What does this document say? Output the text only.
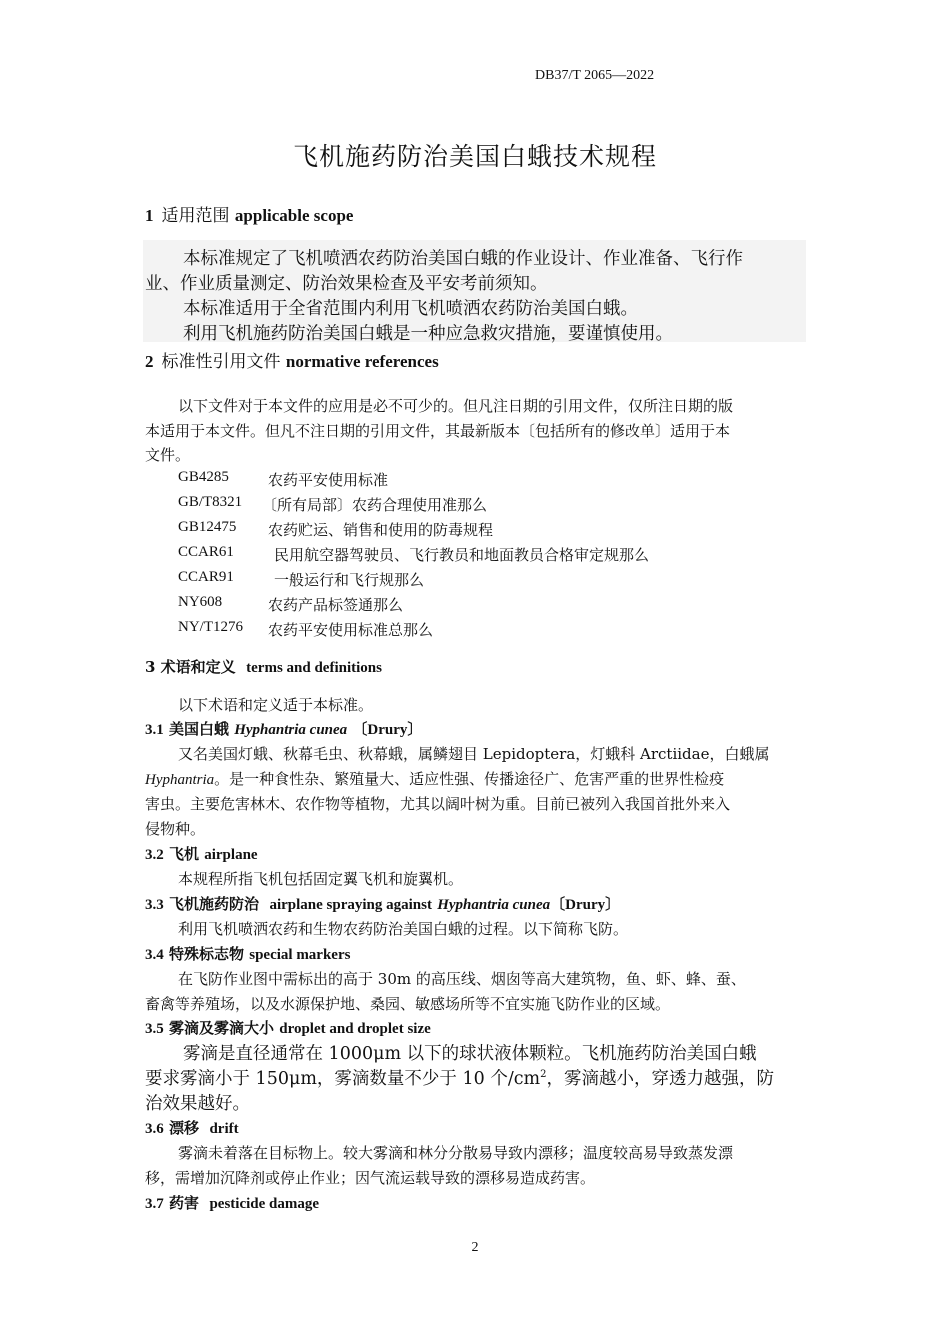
DB37/T 2065—2022
飞机施药防治美国白蛾技术规程
1 适用范围 applicable scope
本标准规定了飞机喷洒农药防治美国白蛾的作业设计、作业准备、飞行作
业、作业质量测定、防治效果检查及平安考前须知。
本标准适用于全省范围内利用飞机喷洒农药防治美国白蛾。
利用飞机施药防治美国白蛾是一种应急救灾措施，要谨慎使用。
2 标准性引用文件 normative references
以下文件对于本文件的应用是必不可少的。但凡注日期的引用文件，仅所注日期的版
本适用于本文件。但凡不注日期的引用文件，其最新版本〔包括所有的修改单〕适用于本
文件。
GB4285	农药平安使用标准
GB/T8321 〔所有局部〕农药合理使用准那么
GB12475 农药贮运、销售和使用的防毒规程
CCAR61	民用航空器驾驶员、飞行教员和地面教员合格审定规那么
CCAR91	一般运行和飞行规那么
NY608	农药产品标签通那么
NY/T1276 农药平安使用标准总那么
3 术语和定义 terms and definitions
以下术语和定义适于本标准。
3.1 美国白蛾 Hyphantria cunea 〔Drury〕
又名美国灯蛾、秋幕毛虫、秋幕蛾，属鳞翅目 Lepidoptera，灯蛾科 Arctiidae，白蛾属
Hyphantria。是一种食性杂、繁殖量大、适应性强、传播途径广、危害严重的世界性检疫
害虫。主要危害林木、农作物等植物，尤其以阔叶树为重。目前已被列入我国首批外来入
侵物种。
3.2 飞机 airplane
本规程所指飞机包括固定翼飞机和旋翼机。
3.3 飞机施药防治 airplane spraying against Hyphantria cunea〔Drury〕
利用飞机喷洒农药和生物农药防治美国白蛾的过程。以下简称飞防。
3.4 特殊标志物 special markers
在飞防作业图中需标出的高于 30m 的高压线、烟囱等高大建筑物，鱼、虾、蜂、蚕、
畜禽等养殖场，以及水源保护地、桑园、敏感场所等不宜实施飞防作业的区域。
3.5 雾滴及雾滴大小 droplet and droplet size
雾滴是直径通常在 1000μm 以下的球状液体颗粒。飞机施药防治美国白蛾
要求雾滴小于 150μm，雾滴数量不少于 10 个$/cm^2$，雾滴越小，穿透力越强，防
治效果越好。
3.6 漂移 drift
雾滴未着落在目标物上。较大雾滴和林分分散易导致内漂移；温度较高易导致蒸发漂
移，需增加沉降剂或停止作业；因气流运载导致的漂移易造成药害。
3.7 药害 pesticide damage
2
